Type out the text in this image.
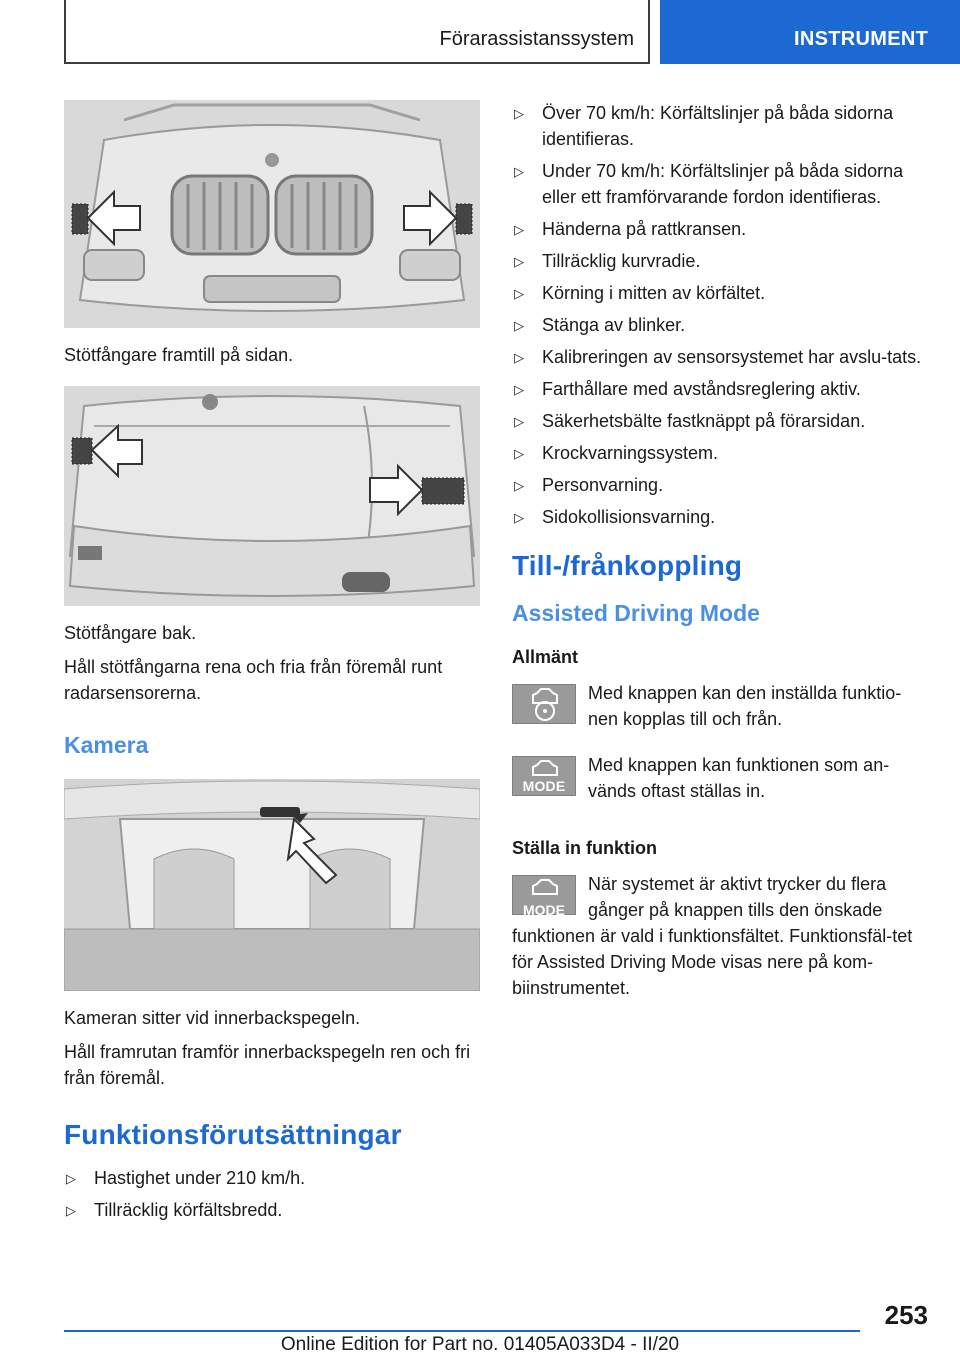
Förarassistanssystem	INSTRUMENT
Stötfångare framtill på sidan.
Stötfångare bak.
Håll stötfångarna rena och fria från föremål runt radarsensorerna.
Kamera
Kameran sitter vid innerbackspegeln.
Håll framrutan framför innerbackspegeln ren och fri från föremål.
Funktionsförutsättningar
▷ Hastighet under 210 km/h.
▷ Tillräcklig körfältsbredd.
▷ Över 70 km/h: Körfältslinjer på båda sidorna identifieras.
▷ Under 70 km/h: Körfältslinjer på båda sidorna eller ett framförvarande fordon identifieras.
▷ Händerna på rattkransen.
▷ Tillräcklig kurvradie.
▷ Körning i mitten av körfältet.
▷ Stänga av blinker.
▷ Kalibreringen av sensorsystemet har avslu-tats.
▷ Farthållare med avståndsreglering aktiv.
▷ Säkerhetsbälte fastknäppt på förarsidan.
▷ Krockvarningssystem.
▷ Personvarning.
▷ Sidokollisionsvarning.
Till-/frånkoppling
Assisted Driving Mode
Allmänt
Med knappen kan den inställda funktio-nen kopplas till och från.
MODE
Med knappen kan funktionen som an-vänds oftast ställas in.
Ställa in funktion
MODE
När systemet är aktivt trycker du flera gånger på knappen tills den önskade funktionen är vald i funktionsfältet. Funktionsfäl-tet för Assisted Driving Mode visas nere på kom-biinstrumentet.
253
Online Edition for Part no. 01405A033D4 - II/20
